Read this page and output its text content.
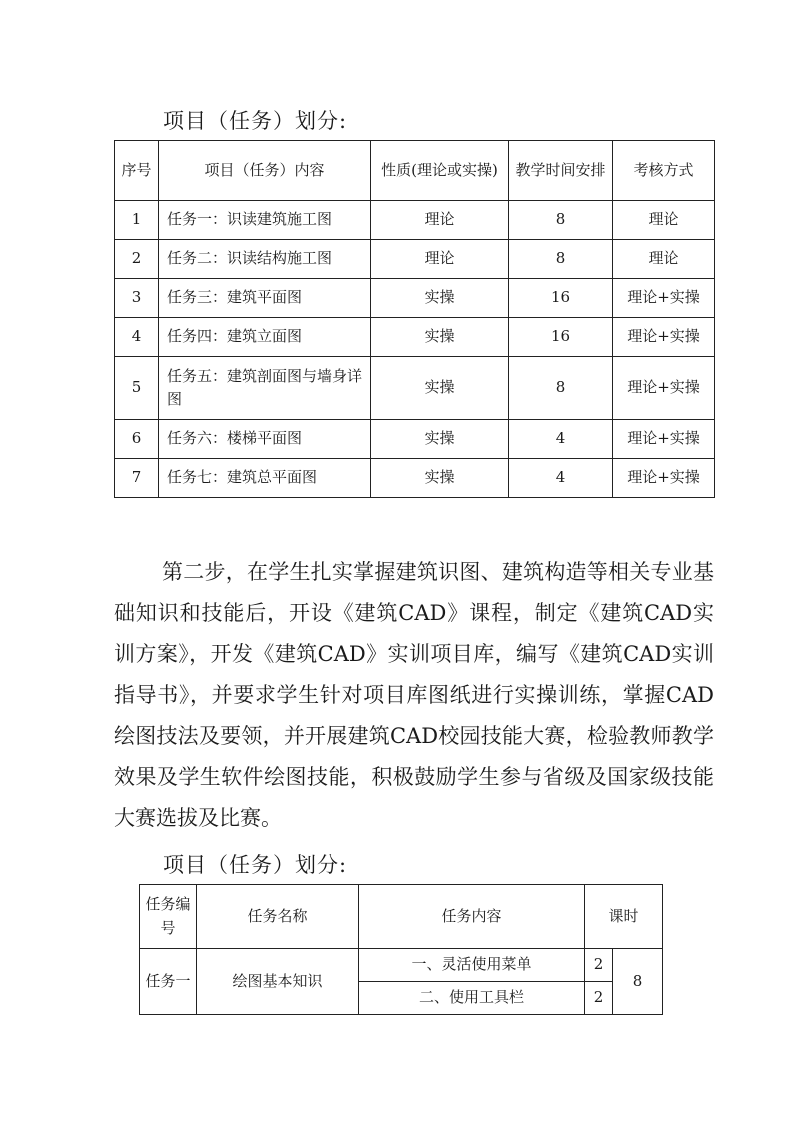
项目（任务）划分:
序号	项目（任务）内容	性质(理论或实操)	教学时间安排	考核方式
1	任务一：识读建筑施工图	理论	8	理论
2	任务二：识读结构施工图	理论	8	理论
3	任务三：建筑平面图	实操	16	理论+实操
4	任务四：建筑立面图	实操	16	理论+实操
5	任务五：建筑剖面图与墙身详图	实操	8	理论+实操
6	任务六：楼梯平面图	实操	4	理论+实操
7	任务七：建筑总平面图	实操	4	理论+实操

第二步，在学生扎实掌握建筑识图、建筑构造等相关专业基础知识和技能后，开设《建筑CAD》课程，制定《建筑CAD实训方案》，开发《建筑CAD》实训项目库，编写《建筑CAD实训指导书》，并要求学生针对项目库图纸进行实操训练，掌握CAD绘图技法及要领，并开展建筑CAD校园技能大赛，检验教师教学效果及学生软件绘图技能，积极鼓励学生参与省级及国家级技能大赛选拔及比赛。

项目（任务）划分:
任务编号	任务名称	任务内容	课时	
任务一	绘图基本知识	一、灵活使用菜单	2	8
		二、使用工具栏	2	
